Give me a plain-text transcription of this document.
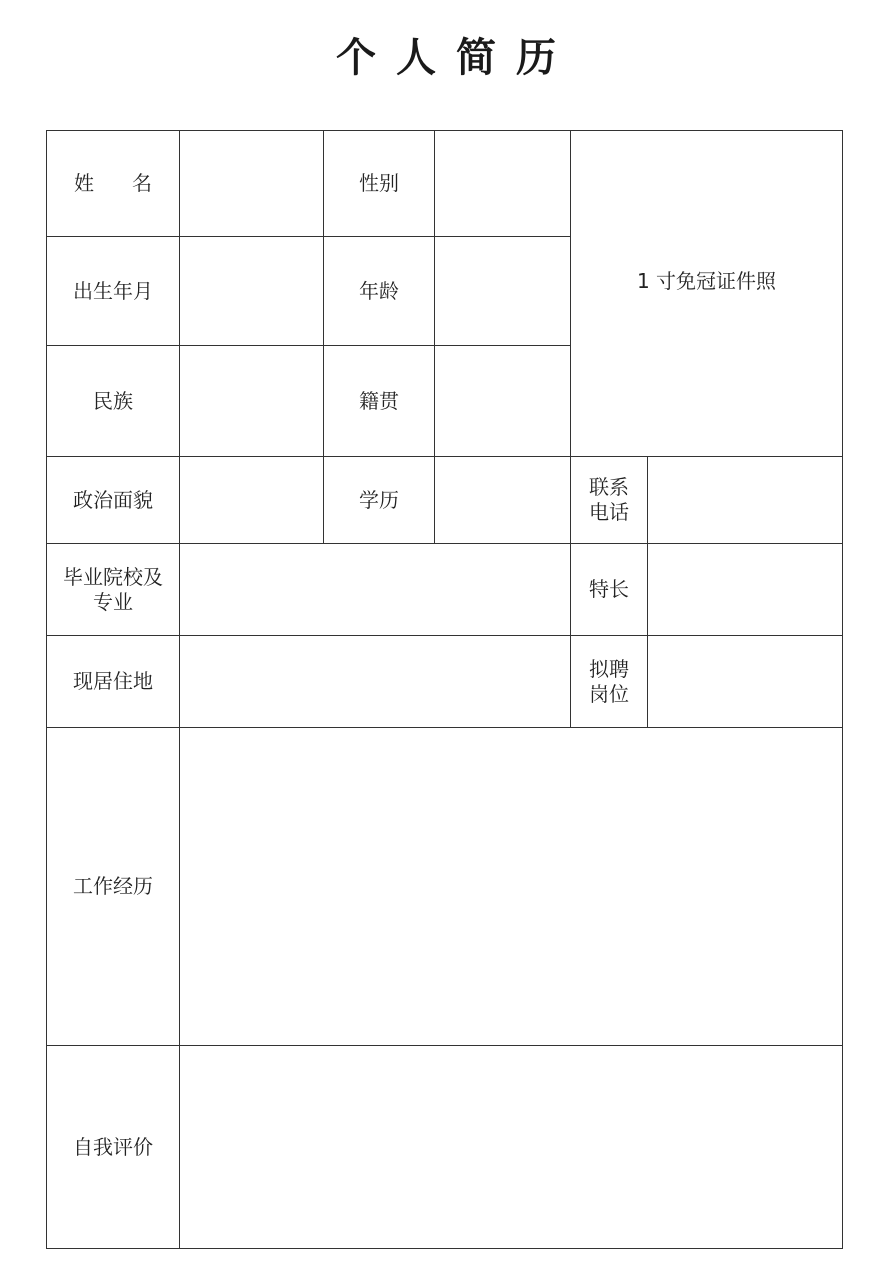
个 人 简 历
姓名		性别		1 寸免冠证件照	
出生年月		年龄			
民族		籍贯			
政治面貌		学历		联系电话	
毕业院校及专业				特长	
现居住地				拟聘岗位	
工作经历					
自我评价					
